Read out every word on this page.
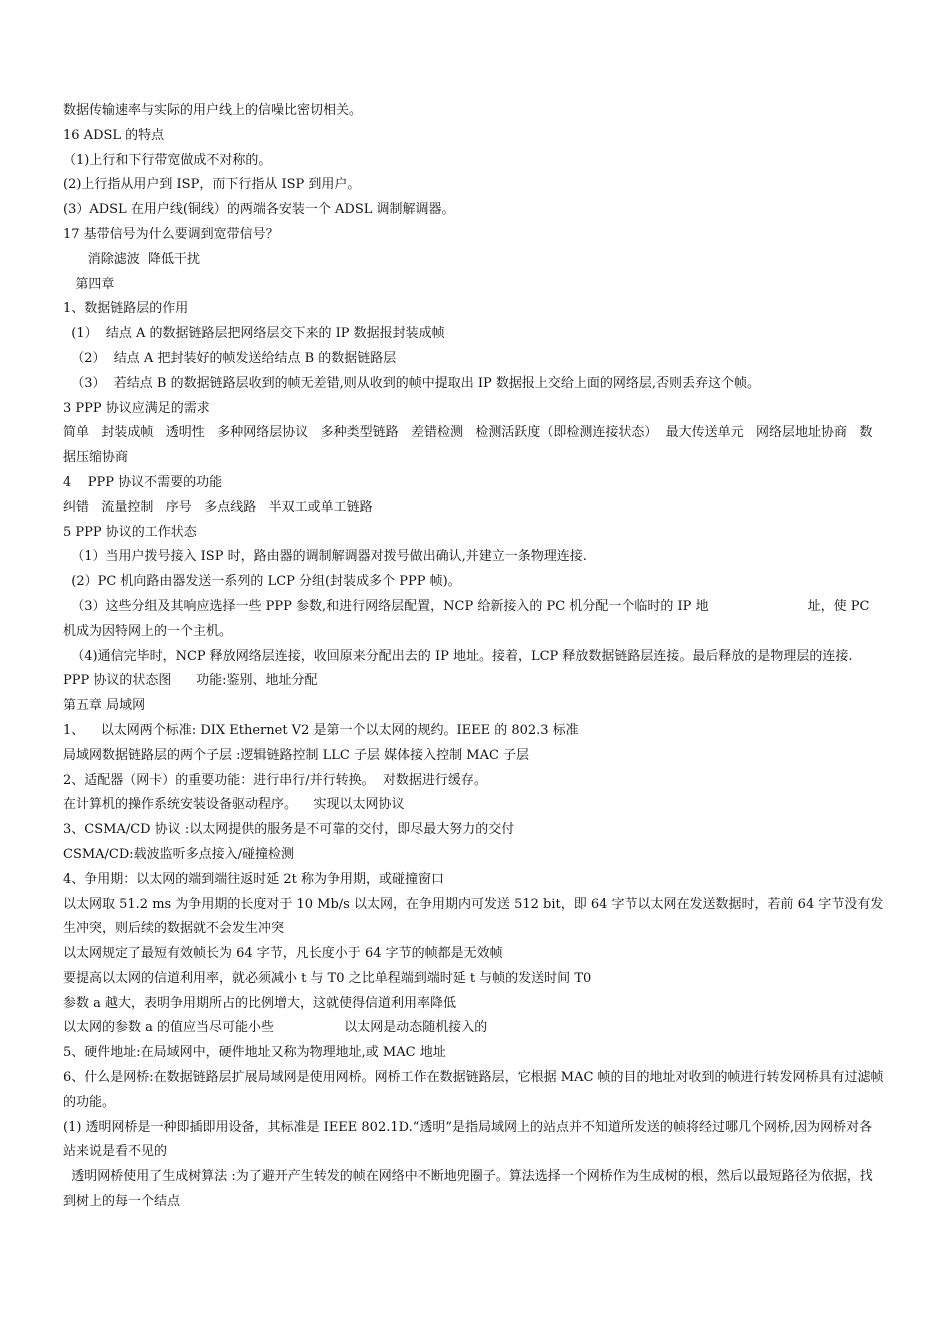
数据传输速率与实际的用户线上的信噪比密切相关。
16 ADSL 的特点
（1)上行和下行带宽做成不对称的。
(2)上行指从用户到 ISP，而下行指从 ISP 到用户。
(3）ADSL 在用户线(铜线）的两端各安装一个 ADSL 调制解调器。
17 基带信号为什么要调到宽带信号？
消除滤波  降低干扰
第四章
1、数据链路层的作用
(1）  结点 A 的数据链路层把网络层交下来的 IP 数据报封装成帧
（2）  结点 A 把封装好的帧发送给结点 B 的数据链路层
（3）  若结点 B 的数据链路层收到的帧无差错,则从收到的帧中提取出 IP 数据报上交给上面的网络层,否则丢弃这个帧。
3 PPP 协议应满足的需求
简单   封装成帧   透明性   多种网络层协议   多种类型链路   差错检测   检测活跃度（即检测连接状态）  最大传送单元   网络层地址协商   数据压缩协商
4    PPP 协议不需要的功能
纠错   流量控制   序号   多点线路   半双工或单工链路
5 PPP 协议的工作状态
（1）当用户拨号接入 ISP 时，路由器的调制解调器对拨号做出确认,并建立一条物理连接.
(2）PC 机向路由器发送一系列的 LCP 分组(封装成多个 PPP 帧)。
（3）这些分组及其响应选择一些 PPP 参数,和进行网络层配置，NCP 给新接入的 PC 机分配一个临时的 IP 地                        址，使 PC 机成为因特网上的一个主机。
（4)通信完毕时，NCP 释放网络层连接，收回原来分配出去的 IP 地址。接着，LCP 释放数据链路层连接。最后释放的是物理层的连接.
PPP 协议的状态图      功能:鉴别、地址分配
第五章 局域网
1、    以太网两个标准: DIX Ethernet V2 是第一个以太网的规约。IEEE 的 802.3 标准
局域网数据链路层的两个子层 :逻辑链路控制 LLC 子层 媒体接入控制 MAC 子层
2、适配器（网卡）的重要功能：进行串行/并行转换。  对数据进行缓存。
在计算机的操作系统安装设备驱动程序。    实现以太网协议
3、CSMA/CD 协议 :以太网提供的服务是不可靠的交付，即尽最大努力的交付
CSMA/CD:载波监听多点接入/碰撞检测
4、争用期：以太网的端到端往返时延 2t 称为争用期，或碰撞窗口
以太网取 51.2 ms 为争用期的长度对于 10 Mb/s 以太网，在争用期内可发送 512 bit，即 64 字节以太网在发送数据时，若前 64 字节没有发生冲突，则后续的数据就不会发生冲突
以太网规定了最短有效帧长为 64 字节，凡长度小于 64 字节的帧都是无效帧
要提高以太网的信道利用率，就必须减小 t 与 T0 之比单程端到端时延 t 与帧的发送时间 T0
参数 a 越大，表明争用期所占的比例增大，这就使得信道利用率降低
以太网的参数 a 的值应当尽可能小些                 以太网是动态随机接入的
5、硬件地址:在局域网中，硬件地址又称为物理地址,或 MAC 地址
6、什么是网桥:在数据链路层扩展局域网是使用网桥。网桥工作在数据链路层，它根据 MAC 帧的目的地址对收到的帧进行转发网桥具有过滤帧的功能。
(1) 透明网桥是一种即插即用设备，其标准是 IEEE 802.1D.“透明”是指局域网上的站点并不知道所发送的帧将经过哪几个网桥,因为网桥对各站来说是看不见的
透明网桥使用了生成树算法 :为了避开产生转发的帧在网络中不断地兜圈子。算法选择一个网桥作为生成树的根，然后以最短路径为依据，找到树上的每一个结点
